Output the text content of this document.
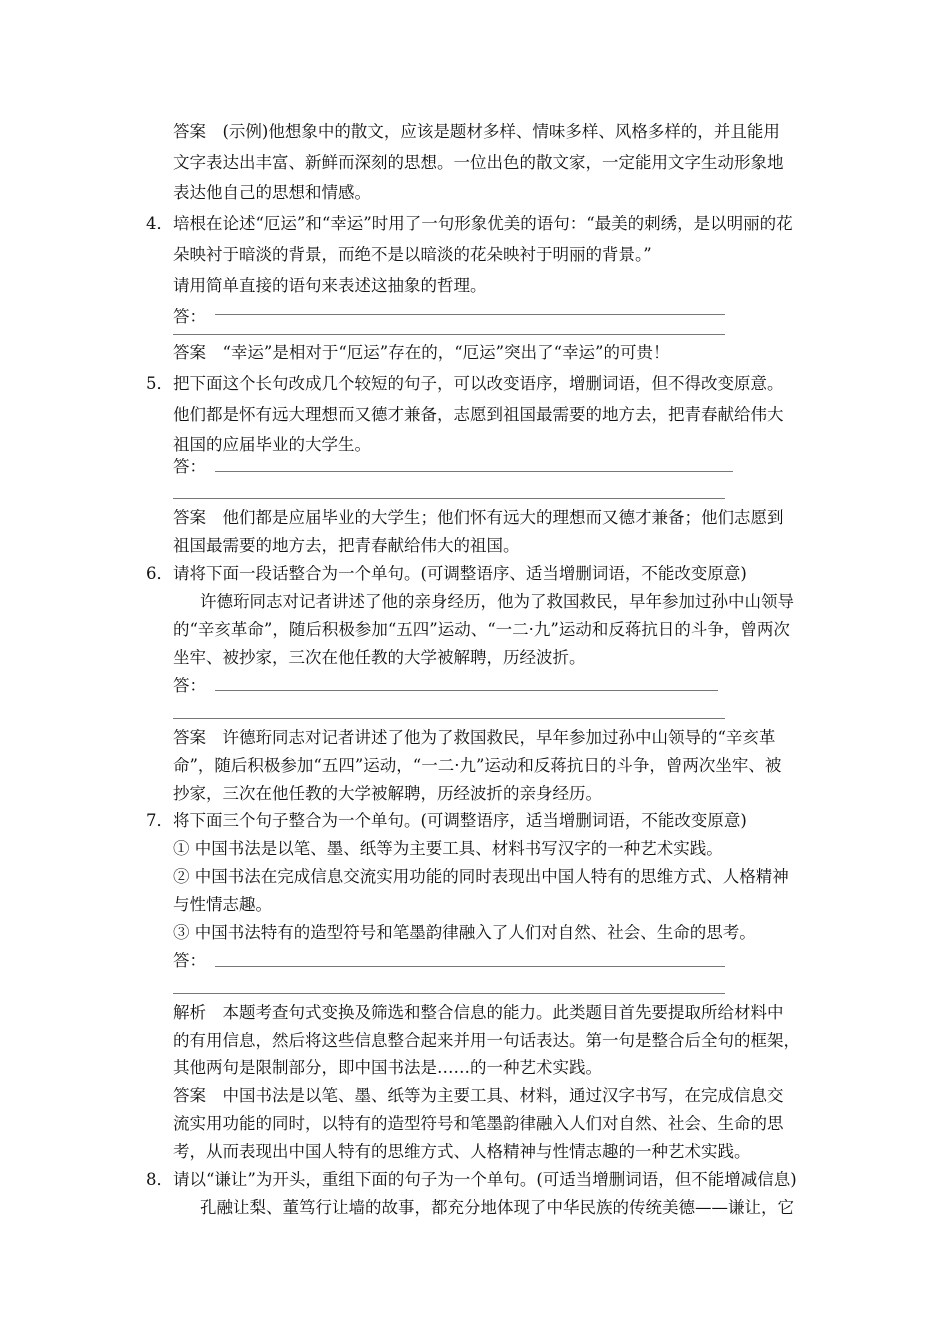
答案　(示例)他想象中的散文，应该是题材多样、情味多样、风格多样的，并且能用
文字表达出丰富、新鲜而深刻的思想。一位出色的散文家，一定能用文字生动形象地
表达他自己的思想和情感。
4．培根在论述“厄运”和“幸运”时用了一句形象优美的语句：“最美的刺绣，是以明丽的花
朵映衬于暗淡的背景，而绝不是以暗淡的花朵映衬于明丽的背景。”
请用简单直接的语句来表述这抽象的哲理。
答：
答案　“幸运”是相对于“厄运”存在的，“厄运”突出了“幸运”的可贵！
5．把下面这个长句改成几个较短的句子，可以改变语序，增删词语，但不得改变原意。
他们都是怀有远大理想而又德才兼备，志愿到祖国最需要的地方去，把青春献给伟大
祖国的应届毕业的大学生。
答：
答案　他们都是应届毕业的大学生；他们怀有远大的理想而又德才兼备；他们志愿到
祖国最需要的地方去，把青春献给伟大的祖国。
6．请将下面一段话整合为一个单句。(可调整语序、适当增删词语，不能改变原意)
许德珩同志对记者讲述了他的亲身经历，他为了救国救民，早年参加过孙中山领导
的“辛亥革命”，随后积极参加“五四”运动、“一二·九”运动和反蒋抗日的斗争，曾两次
坐牢、被抄家，三次在他任教的大学被解聘，历经波折。
答：
答案　许德珩同志对记者讲述了他为了救国救民，早年参加过孙中山领导的“辛亥革
命”，随后积极参加“五四”运动，“一二·九”运动和反蒋抗日的斗争，曾两次坐牢、被
抄家，三次在他任教的大学被解聘，历经波折的亲身经历。
7．将下面三个句子整合为一个单句。(可调整语序，适当增删词语，不能改变原意)
① 中国书法是以笔、墨、纸等为主要工具、材料书写汉字的一种艺术实践。
② 中国书法在完成信息交流实用功能的同时表现出中国人特有的思维方式、人格精神
与性情志趣。
③ 中国书法特有的造型符号和笔墨韵律融入了人们对自然、社会、生命的思考。
答：
解析　本题考查句式变换及筛选和整合信息的能力。此类题目首先要提取所给材料中
的有用信息，然后将这些信息整合起来并用一句话表达。第一句是整合后全句的框架，
其他两句是限制部分，即中国书法是……的一种艺术实践。
答案　中国书法是以笔、墨、纸等为主要工具、材料，通过汉字书写，在完成信息交
流实用功能的同时，以特有的造型符号和笔墨韵律融入人们对自然、社会、生命的思
考，从而表现出中国人特有的思维方式、人格精神与性情志趣的一种艺术实践。
8．请以“谦让”为开头，重组下面的句子为一个单句。(可适当增删词语，但不能增减信息)
孔融让梨、董笃行让墙的故事，都充分地体现了中华民族的传统美德——谦让，它
